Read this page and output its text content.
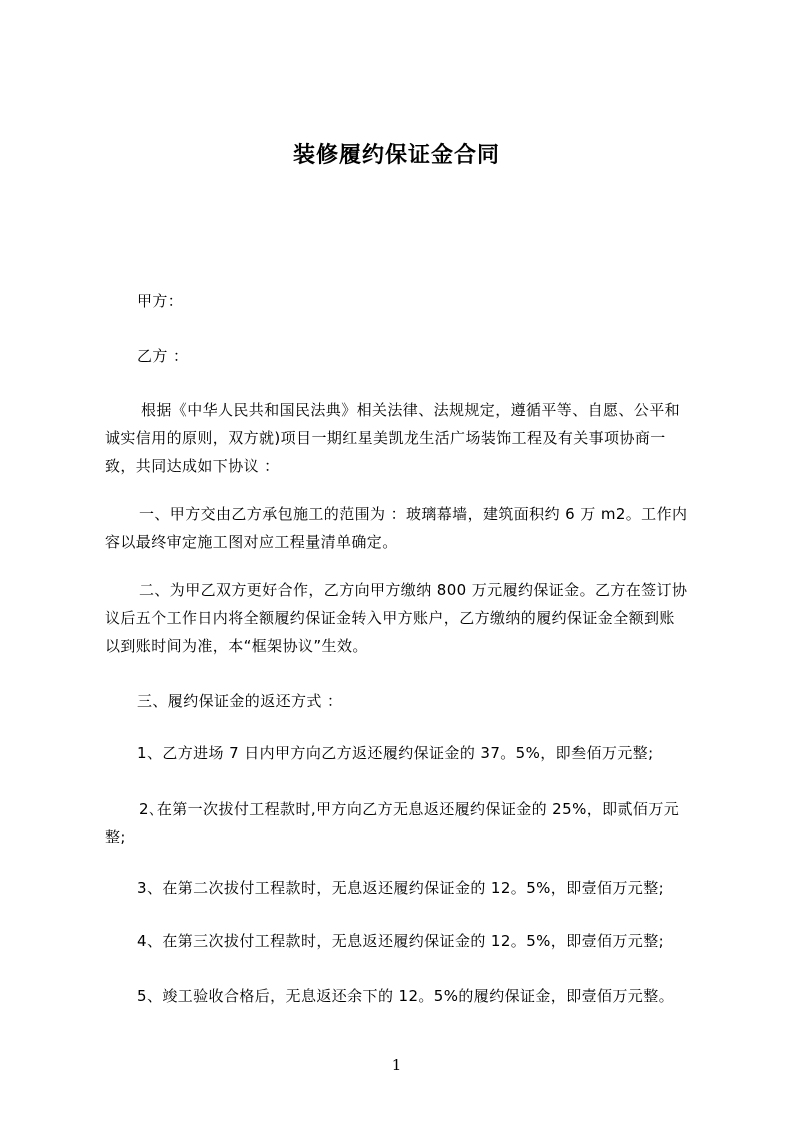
装修履约保证金合同
甲方：
乙方 ：
根据《中华人民共和国民法典》相关法律、法规规定，遵循平等、自愿、公平和
诚实信用的原则，双方就)项目一期红星美凯龙生活广场装饰工程及有关事项协商一
致，共同达成如下协议 ：
一、甲方交由乙方承包施工的范围为 ：玻璃幕墙，建筑面积约 6 万 m2。工作内
容以最终审定施工图对应工程量清单确定。
二、为甲乙双方更好合作，乙方向甲方缴纳 800 万元履约保证金。乙方在签订协
议后五个工作日内将全额履约保证金转入甲方账户，乙方缴纳的履约保证金全额到账
以到账时间为准，本“框架协议”生效。
三、履约保证金的返还方式 ：
1、乙方进场 7 日内甲方向乙方返还履约保证金的 37。5%，即叁佰万元整;
2､在第一次拔付工程款时,甲方向乙方无息返还履约保证金的 25%，即贰佰万元
整;
3、在第二次拔付工程款时，无息返还履约保证金的 12。5%，即壹佰万元整;
4、在第三次拔付工程款时，无息返还履约保证金的 12。5%，即壹佰万元整;
5、竣工验收合格后，无息返还余下的 12。5%的履约保证金，即壹佰万元整。
1
